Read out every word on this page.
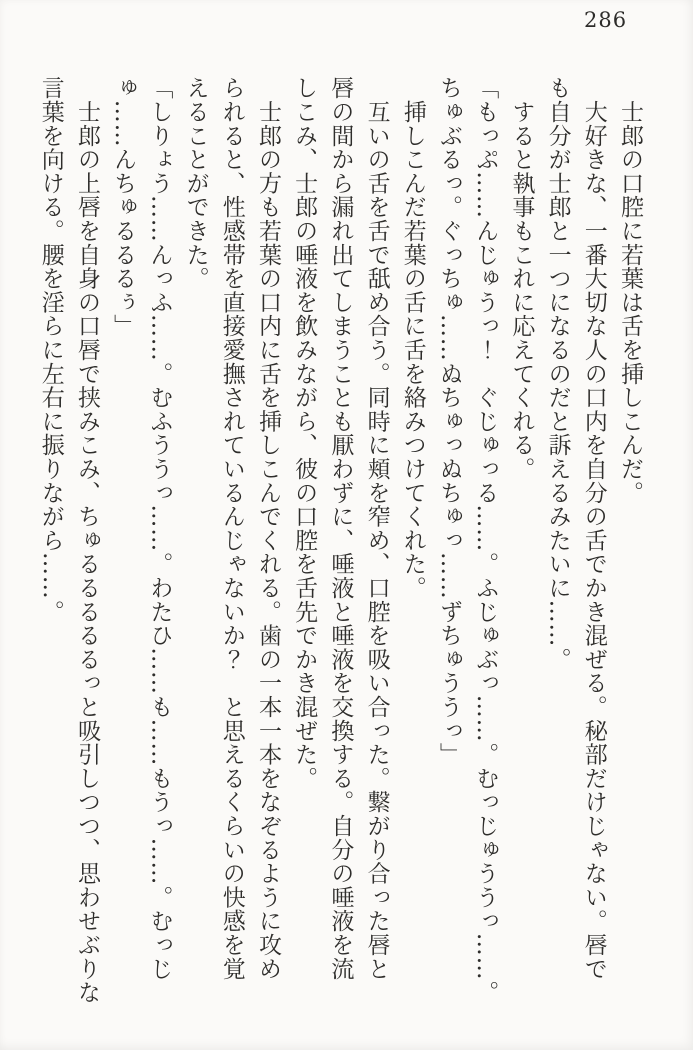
286

　士郎の口腔に若葉は舌を挿しこんだ。

　大好きな、一番大切な人の口内を自分の舌でかき混ぜる。秘部だけじゃない。唇で

も自分が士郎と一つになるのだと訴えるみたいに……。

　すると執事もこれに応えてくれる。

「もっぷ……んじゅうっ！　ぐじゅっる……。ふじゅぶっ……。むっじゅううっ……。

ちゅぶるっ。ぐっちゅ……ぬちゅっぬちゅっ……ずちゅううっ」

　挿しこんだ若葉の舌に舌を絡みつけてくれた。

　互いの舌を舌で舐め合う。同時に頬を窄め、口腔を吸い合った。繋がり合った唇と

唇の間から漏れ出てしまうことも厭わずに、唾液と唾液を交換する。自分の唾液を流

しこみ、士郎の唾液を飲みながら、彼の口腔を舌先でかき混ぜた。

　士郎の方も若葉の口内に舌を挿しこんでくれる。歯の一本一本をなぞるように攻め

られると、性感帯を直接愛撫されているんじゃないか？　と思えるくらいの快感を覚

えることができた。

「しりょう……んっふ……。むふううっ……。わたひ……も……もうっ……。むっじ

ゅ……んちゅるるるぅ」

　士郎の上唇を自身の口唇で挟みこみ、ちゅるるるるるっと吸引しつつ、思わせぶりな

言葉を向ける。腰を淫らに左右に振りながら……。
